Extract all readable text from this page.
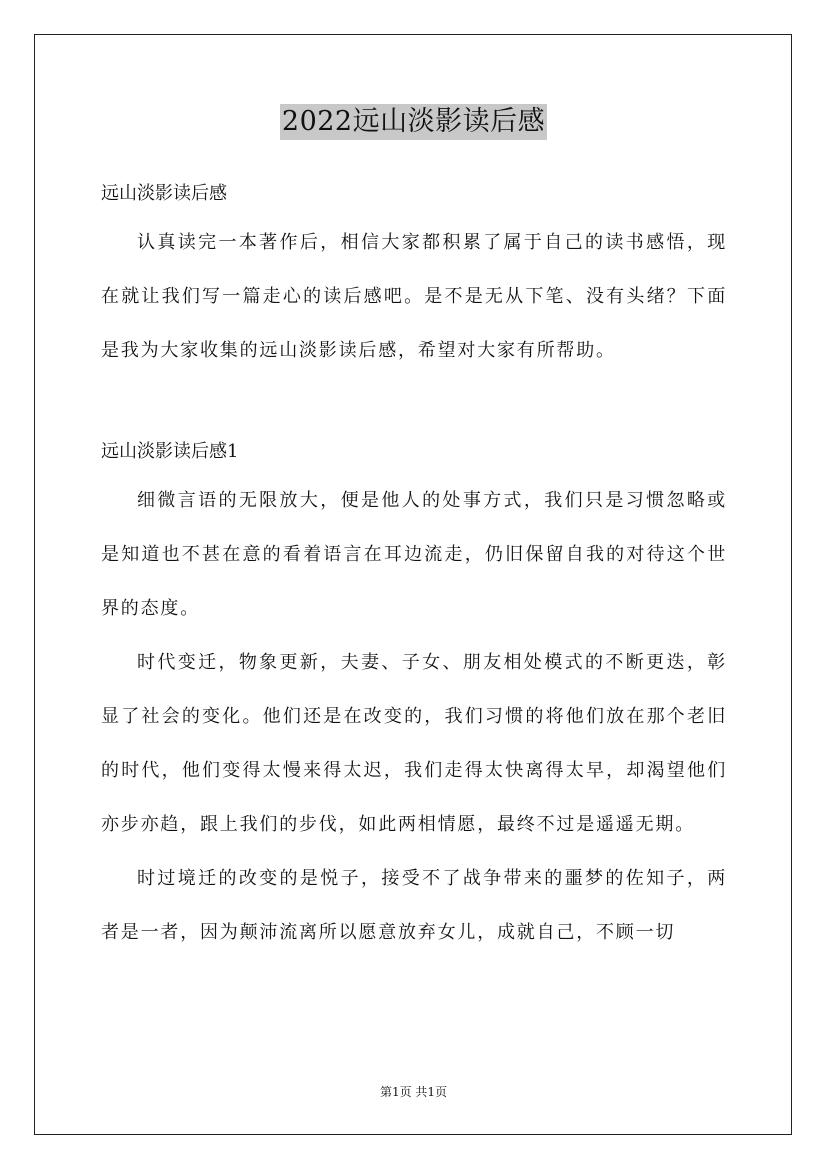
2022远山淡影读后感

远山淡影读后感

认真读完一本著作后，相信大家都积累了属于自己的读书感悟，现在就让我们写一篇走心的读后感吧。是不是无从下笔、没有头绪？下面是我为大家收集的远山淡影读后感，希望对大家有所帮助。

远山淡影读后感1

细微言语的无限放大，便是他人的处事方式，我们只是习惯忽略或是知道也不甚在意的看着语言在耳边流走，仍旧保留自我的对待这个世界的态度。

时代变迁，物象更新，夫妻、子女、朋友相处模式的不断更迭，彰显了社会的变化。他们还是在改变的，我们习惯的将他们放在那个老旧的时代，他们变得太慢来得太迟，我们走得太快离得太早，却渴望他们亦步亦趋，跟上我们的步伐，如此两相情愿，最终不过是遥遥无期。

时过境迁的改变的是悦子，接受不了战争带来的噩梦的佐知子，两者是一者，因为颠沛流离所以愿意放弃女儿，成就自己，不顾一切

第1页 共1页
